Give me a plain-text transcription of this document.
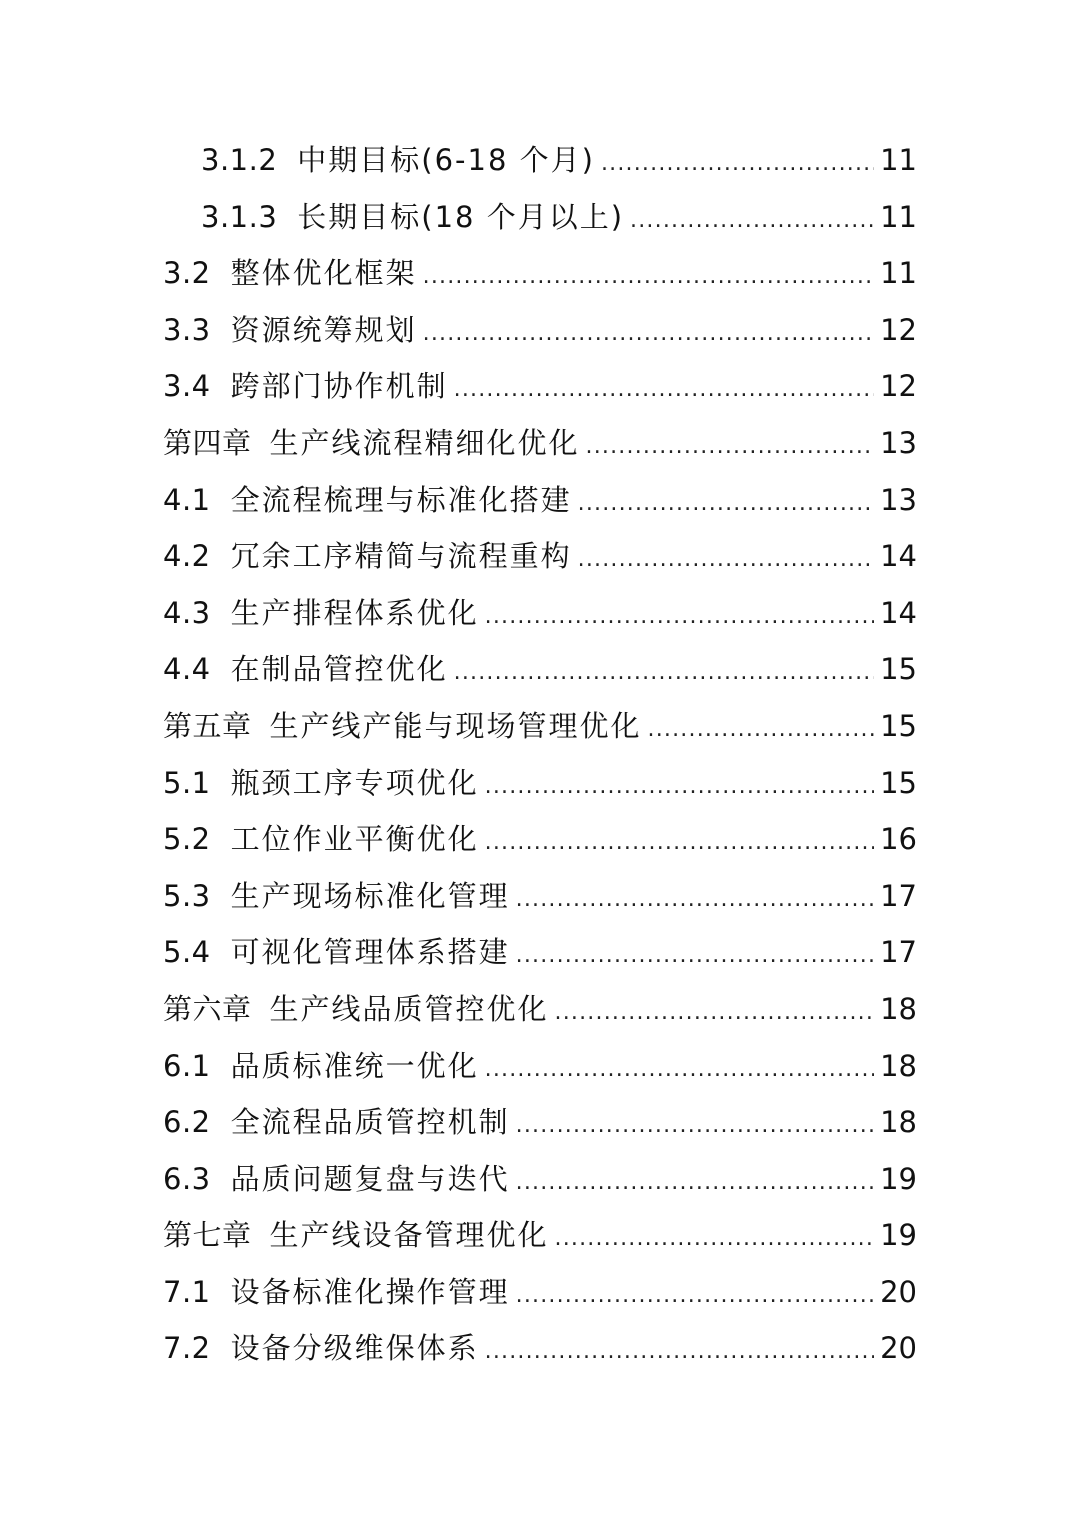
3.1.2 中期目标(6-18 个月) .....	11
3.1.3 长期目标(18 个月以上) .....	11
3.2 整体优化框架 .....	11
3.3 资源统筹规划 .....	12
3.4 跨部门协作机制 .....	12
第四章 生产线流程精细化优化 .....	13
4.1 全流程梳理与标准化搭建 .....	13
4.2 冗余工序精简与流程重构 .....	14
4.3 生产排程体系优化 .....	14
4.4 在制品管控优化 .....	15
第五章 生产线产能与现场管理优化 .....	15
5.1 瓶颈工序专项优化 .....	15
5.2 工位作业平衡优化 .....	16
5.3 生产现场标准化管理 .....	17
5.4 可视化管理体系搭建 .....	17
第六章 生产线品质管控优化 .....	18
6.1 品质标准统一优化 .....	18
6.2 全流程品质管控机制 .....	18
6.3 品质问题复盘与迭代 .....	19
第七章 生产线设备管理优化 .....	19
7.1 设备标准化操作管理 .....	20
7.2 设备分级维保体系 .....	20
